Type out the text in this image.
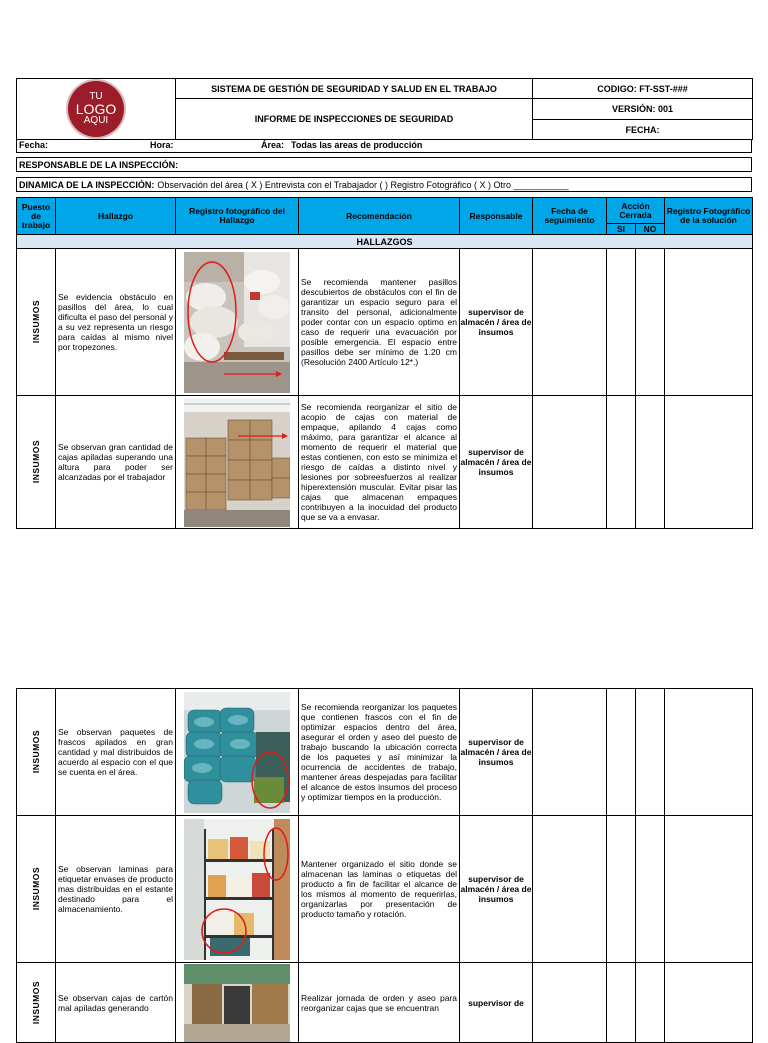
TU
LOGO
AQUI	SISTEMA DE GESTIÓN DE SEGURIDAD Y SALUD EN EL TRABAJO	CODIGO: FT-SST-###
	INFORME DE INSPECCIONES DE SEGURIDAD	VERSIÓN: 001
		FECHA:
Fecha:	Hora:	Área: Todas las areas de producción
RESPONSABLE DE LA INSPECCIÓN:
DINAMICA DE LA INSPECCIÓN: Observación del área ( X ) Entrevista con el Trabajador ( ) Registro Fotográfico ( X ) Otro ___________
Puesto de trabajo	Hallazgo	Registro fotográfico del Hallazgo	Recomendación	Responsable	Fecha de seguimiento	Acción Cerrada		Registro Fotográfico de la solución
						SI	NO	
HALLAZGOS								

INSUMOS	Se evidencia obstáculo en pasillos del área, lo cual dificulta el paso del personal y a su vez representa un riesgo para caídas al mismo nivel por tropezones.		Se recomienda mantener pasillos descubiertos de obstáculos con el fin de garantizar un espacio seguro para el transito del personal, adicionalmente poder contar con un espacio optimo en caso de requerir una evacuación por posible emergencia. El espacio entre pasillos debe ser mínimo de 1.20 cm (Resolución 2400 Artículo 12*.)	supervisor de almacén / área de insumos				

INSUMOS	Se observan gran cantidad de cajas apiladas superando una altura para poder ser alcanzadas por el trabajador		Se recomienda reorganizar el sitio de acopio de cajas con material de empaque, apilando 4 cajas como máximo, para garantizar el alcance al momento de requerir el material que estas contienen, con esto se minimiza el riesgo de caídas a distinto nivel y lesiones por sobreesfuerzos al realizar hiperextensión muscular. Evitar pisar las cajas que almacenan empaques contribuyen a la inocuidad del producto que se va a envasar.	supervisor de almacén / área de insumos				
INSUMOS	Se observan paquetes de frascos apilados en gran cantidad y mal distribuidos de acuerdo al espacio con el que se cuenta en el área.		Se recomienda reorganizar los paquetes que contienen frascos con el fin de optimizar espacios dentro del área, asegurar el orden y aseo del puesto de trabajo buscando la ubicación correcta de los paquetes y así minimizar la ocurrencia de accidentes de trabajo, mantener áreas despejadas para facilitar el alcance de estos insumos del proceso y optimizar tiempos en la producción.	supervisor de almacén / área de insumos				

INSUMOS	Se observan laminas para etiquetar envases de producto mas distribuidas en el estante destinado para el almacenamiento.		Mantener organizado el sitio donde se almacenan las laminas o etiquetas del producto a fin de facilitar el alcance de los mismos al momento de requerirlas, organizarlas por presentación de producto tamaño y rotación.	supervisor de almacén / área de insumos				

INSUMOS	Se observan cajas de cartón mal apiladas generando		Realizar jornada de orden y aseo para reorganizar cajas que se encuentran	supervisor de				
